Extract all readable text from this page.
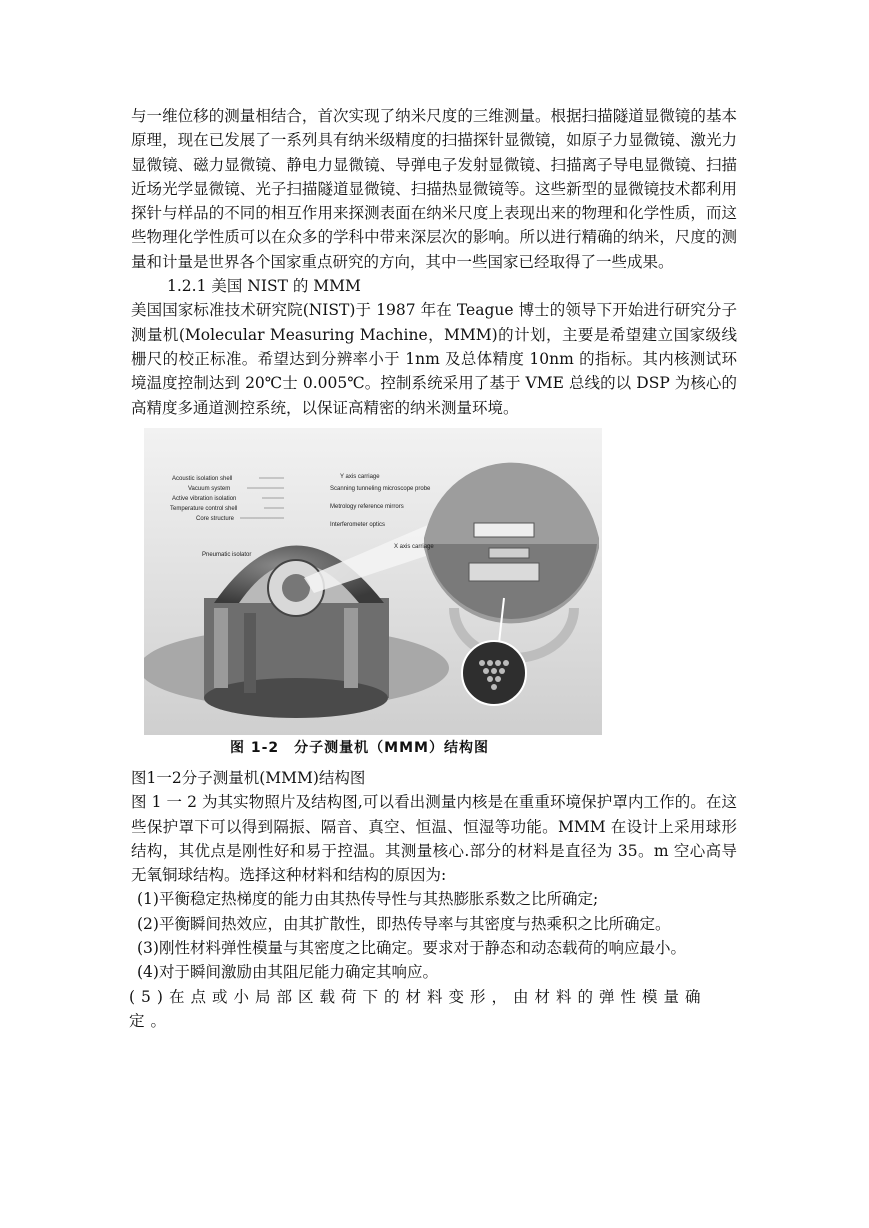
与一维位移的测量相结合，首次实现了纳米尺度的三维测量。根据扫描隧道显微镜的基本原理，现在已发展了一系列具有纳米级精度的扫描探针显微镜，如原子力显微镜、激光力显微镜、磁力显微镜、静电力显微镜、导弹电子发射显微镜、扫描离子导电显微镜、扫描近场光学显微镜、光子扫描隧道显微镜、扫描热显微镜等。这些新型的显微镜技术都利用探针与样品的不同的相互作用来探测表面在纳米尺度上表现出来的物理和化学性质，而这些物理化学性质可以在众多的学科中带来深层次的影响。所以进行精确的纳米，尺度的测量和计量是世界各个国家重点研究的方向，其中一些国家已经取得了一些成果。

1.2.1 美国 NIST 的 MMM

美国国家标准技术研究院(NIST)于 1987 年在 Teague 博士的领导下开始进行研究分子测量机(Molecular Measuring Machine，MMM)的计划，主要是希望建立国家级线栅尺的校正标准。希望达到分辨率小于 1nm 及总体精度 10nm 的指标。其内核测试环境温度控制达到 20℃士 0.005℃。控制系统采用了基于 VME 总线的以 DSP 为核心的高精度多通道测控系统，以保证高精密的纳米测量环境。

Acoustic isolation shell
Vacuum system
Active vibration isolation
Temperature control shell
Core structure
Pneumatic isolator
Y axis carriage
Scanning tunneling microscope probe
Metrology reference mirrors
Interferometer optics
X axis carriage
图 1-2　分子测量机（MMM）结构图

图1一2分子测量机(MMM)结构图

图 1 一 2 为其实物照片及结构图,可以看出测量内核是在重重环境保护罩内工作的。在这些保护罩下可以得到隔振、隔音、真空、恒温、恒湿等功能。MMM 在设计上采用球形结构，其优点是刚性好和易于控温。其测量核心.部分的材料是直径为 35。m 空心高导无氧铜球结构。选择这种材料和结构的原因为:

(1)平衡稳定热梯度的能力由其热传导性与其热膨胀系数之比所确定;

(2)平衡瞬间热效应，由其扩散性，即热传导率与其密度与热乘积之比所确定。

(3)刚性材料弹性模量与其密度之比确定。要求对于静态和动态载荷的响应最小。

(4)对于瞬间激励由其阻尼能力确定其响应。

(5)在点或小局部区载荷下的材料变形，由材料的弹性模量确定。
